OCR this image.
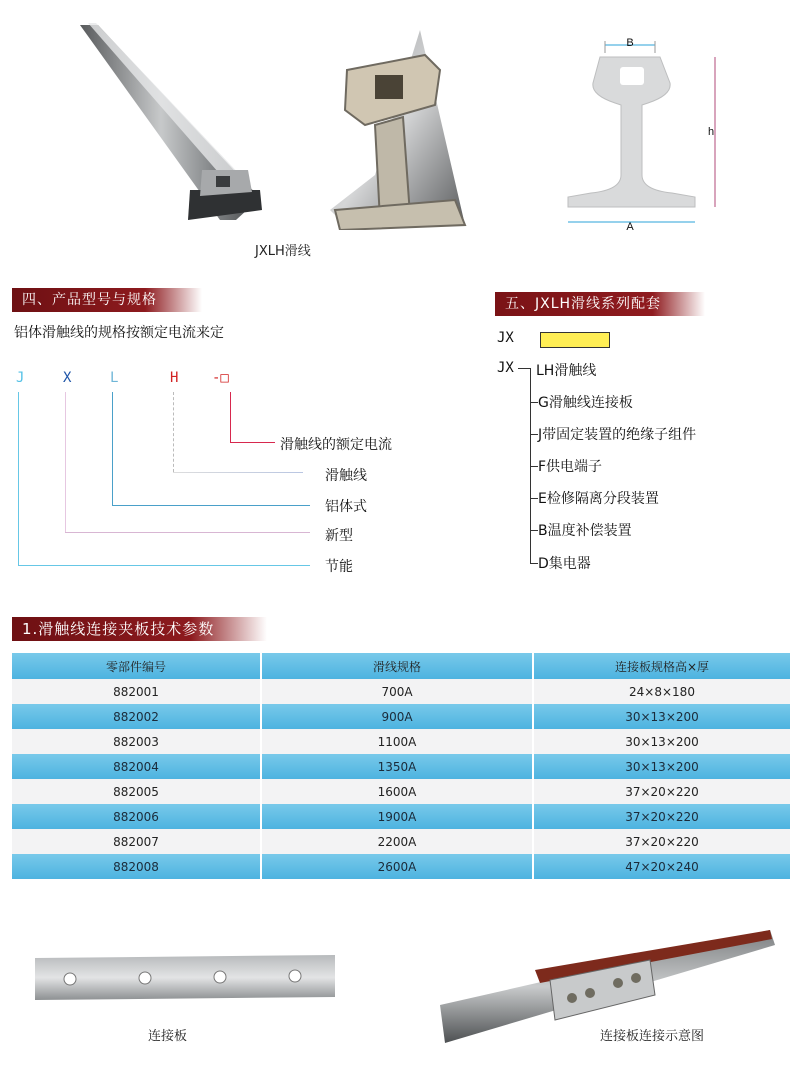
B
h
A
JXLH滑线
四、产品型号与规格
铝体滑触线的规格按额定电流来定
J	X	L	H -□
滑触线的额定电流
滑触线
铝体式
新型
节能
五、JXLH滑线系列配套
JX
JX LH滑触线
G滑触线连接板
J带固定装置的绝缘子组件
F供电端子
E检修隔离分段装置
B温度补偿装置
D集电器
1.滑触线连接夹板技术参数
零部件编号	滑线规格	连接板规格高×厚
882001	700A	24×8×180
882002	900A	30×13×200
882003	1100A	30×13×200
882004	1350A	30×13×200
882005	1600A	37×20×220
882006	1900A	37×20×220
882007	2200A	37×20×220
882008	2600A	47×20×240
连接板	连接板连接示意图
